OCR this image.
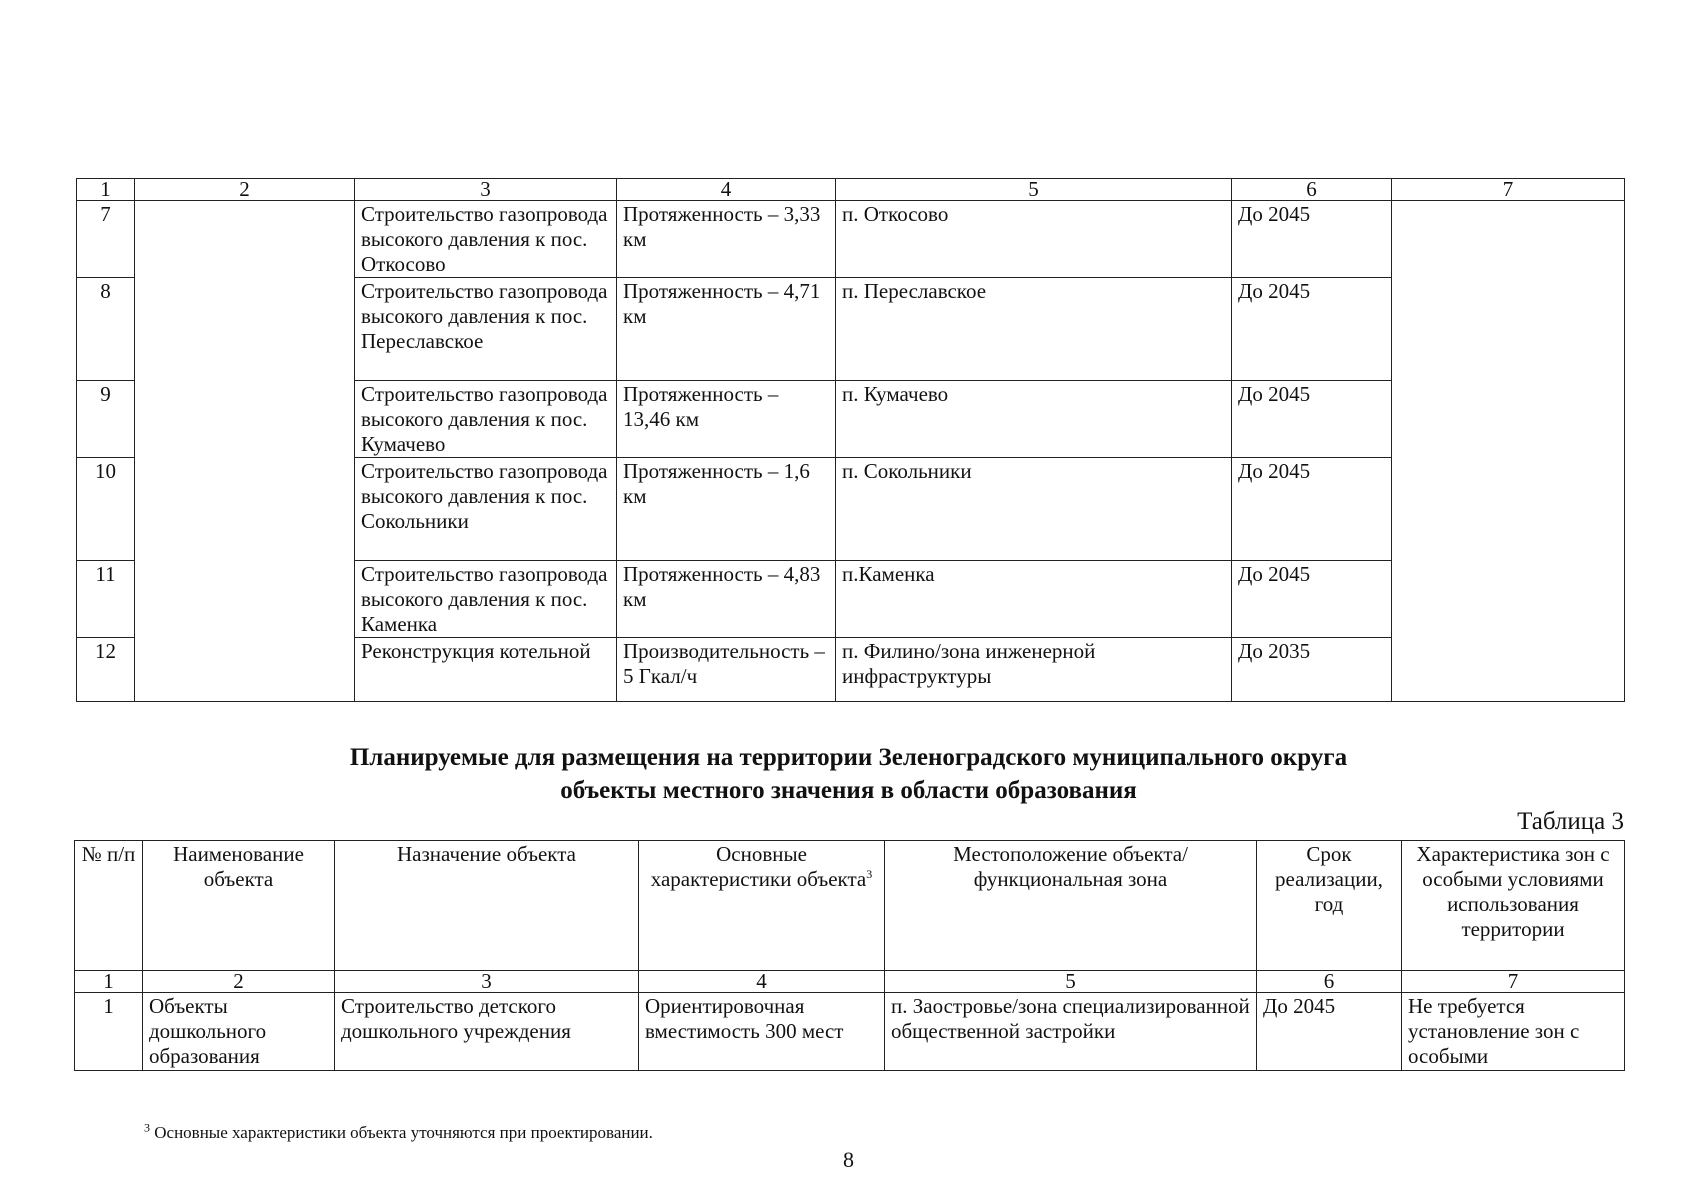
1	2	3	4	5	6	7
7		Строительство газопровода высокого давления к пос. Откосово	Протяженность – 3,33 км	п. Откосово	До 2045	
8		Строительство газопровода высокого давления к пос. Переславское	Протяженность – 4,71 км	п. Переславское	До 2045	
9		Строительство газопровода высокого давления к пос. Кумачево	Протяженность – 13,46 км	п. Кумачево	До 2045	
10		Строительство газопровода высокого давления к пос. Сокольники	Протяженность – 1,6 км	п. Сокольники	До 2045	
11		Строительство газопровода высокого давления к пос. Каменка	Протяженность – 4,83 км	п.Каменка	До 2045	
12		Реконструкция котельной	Производительность – 5 Гкал/ч	п. Филино/зона инженерной инфраструктуры	До 2035	
Планируемые для размещения на территории Зеленоградского муниципального округа
объекты местного значения в области образования
Таблица 3
№ п/п	Наименование объекта	Назначение объекта	Основные характеристики объекта$^3$	Местоположение объекта/функциональная зона	Срок реализации, год	Характеристика зон с особыми условиями использования территории
1	2	3	4	5	6	7
1	Объекты дошкольного образования	Строительство детского дошкольного учреждения	Ориентировочная вместимость 300 мест	п. Заостровье/зона специализированной общественной застройки	До 2045	Не требуется установление зон с особыми
$^3$ Основные характеристики объекта уточняются при проектировании.
8
